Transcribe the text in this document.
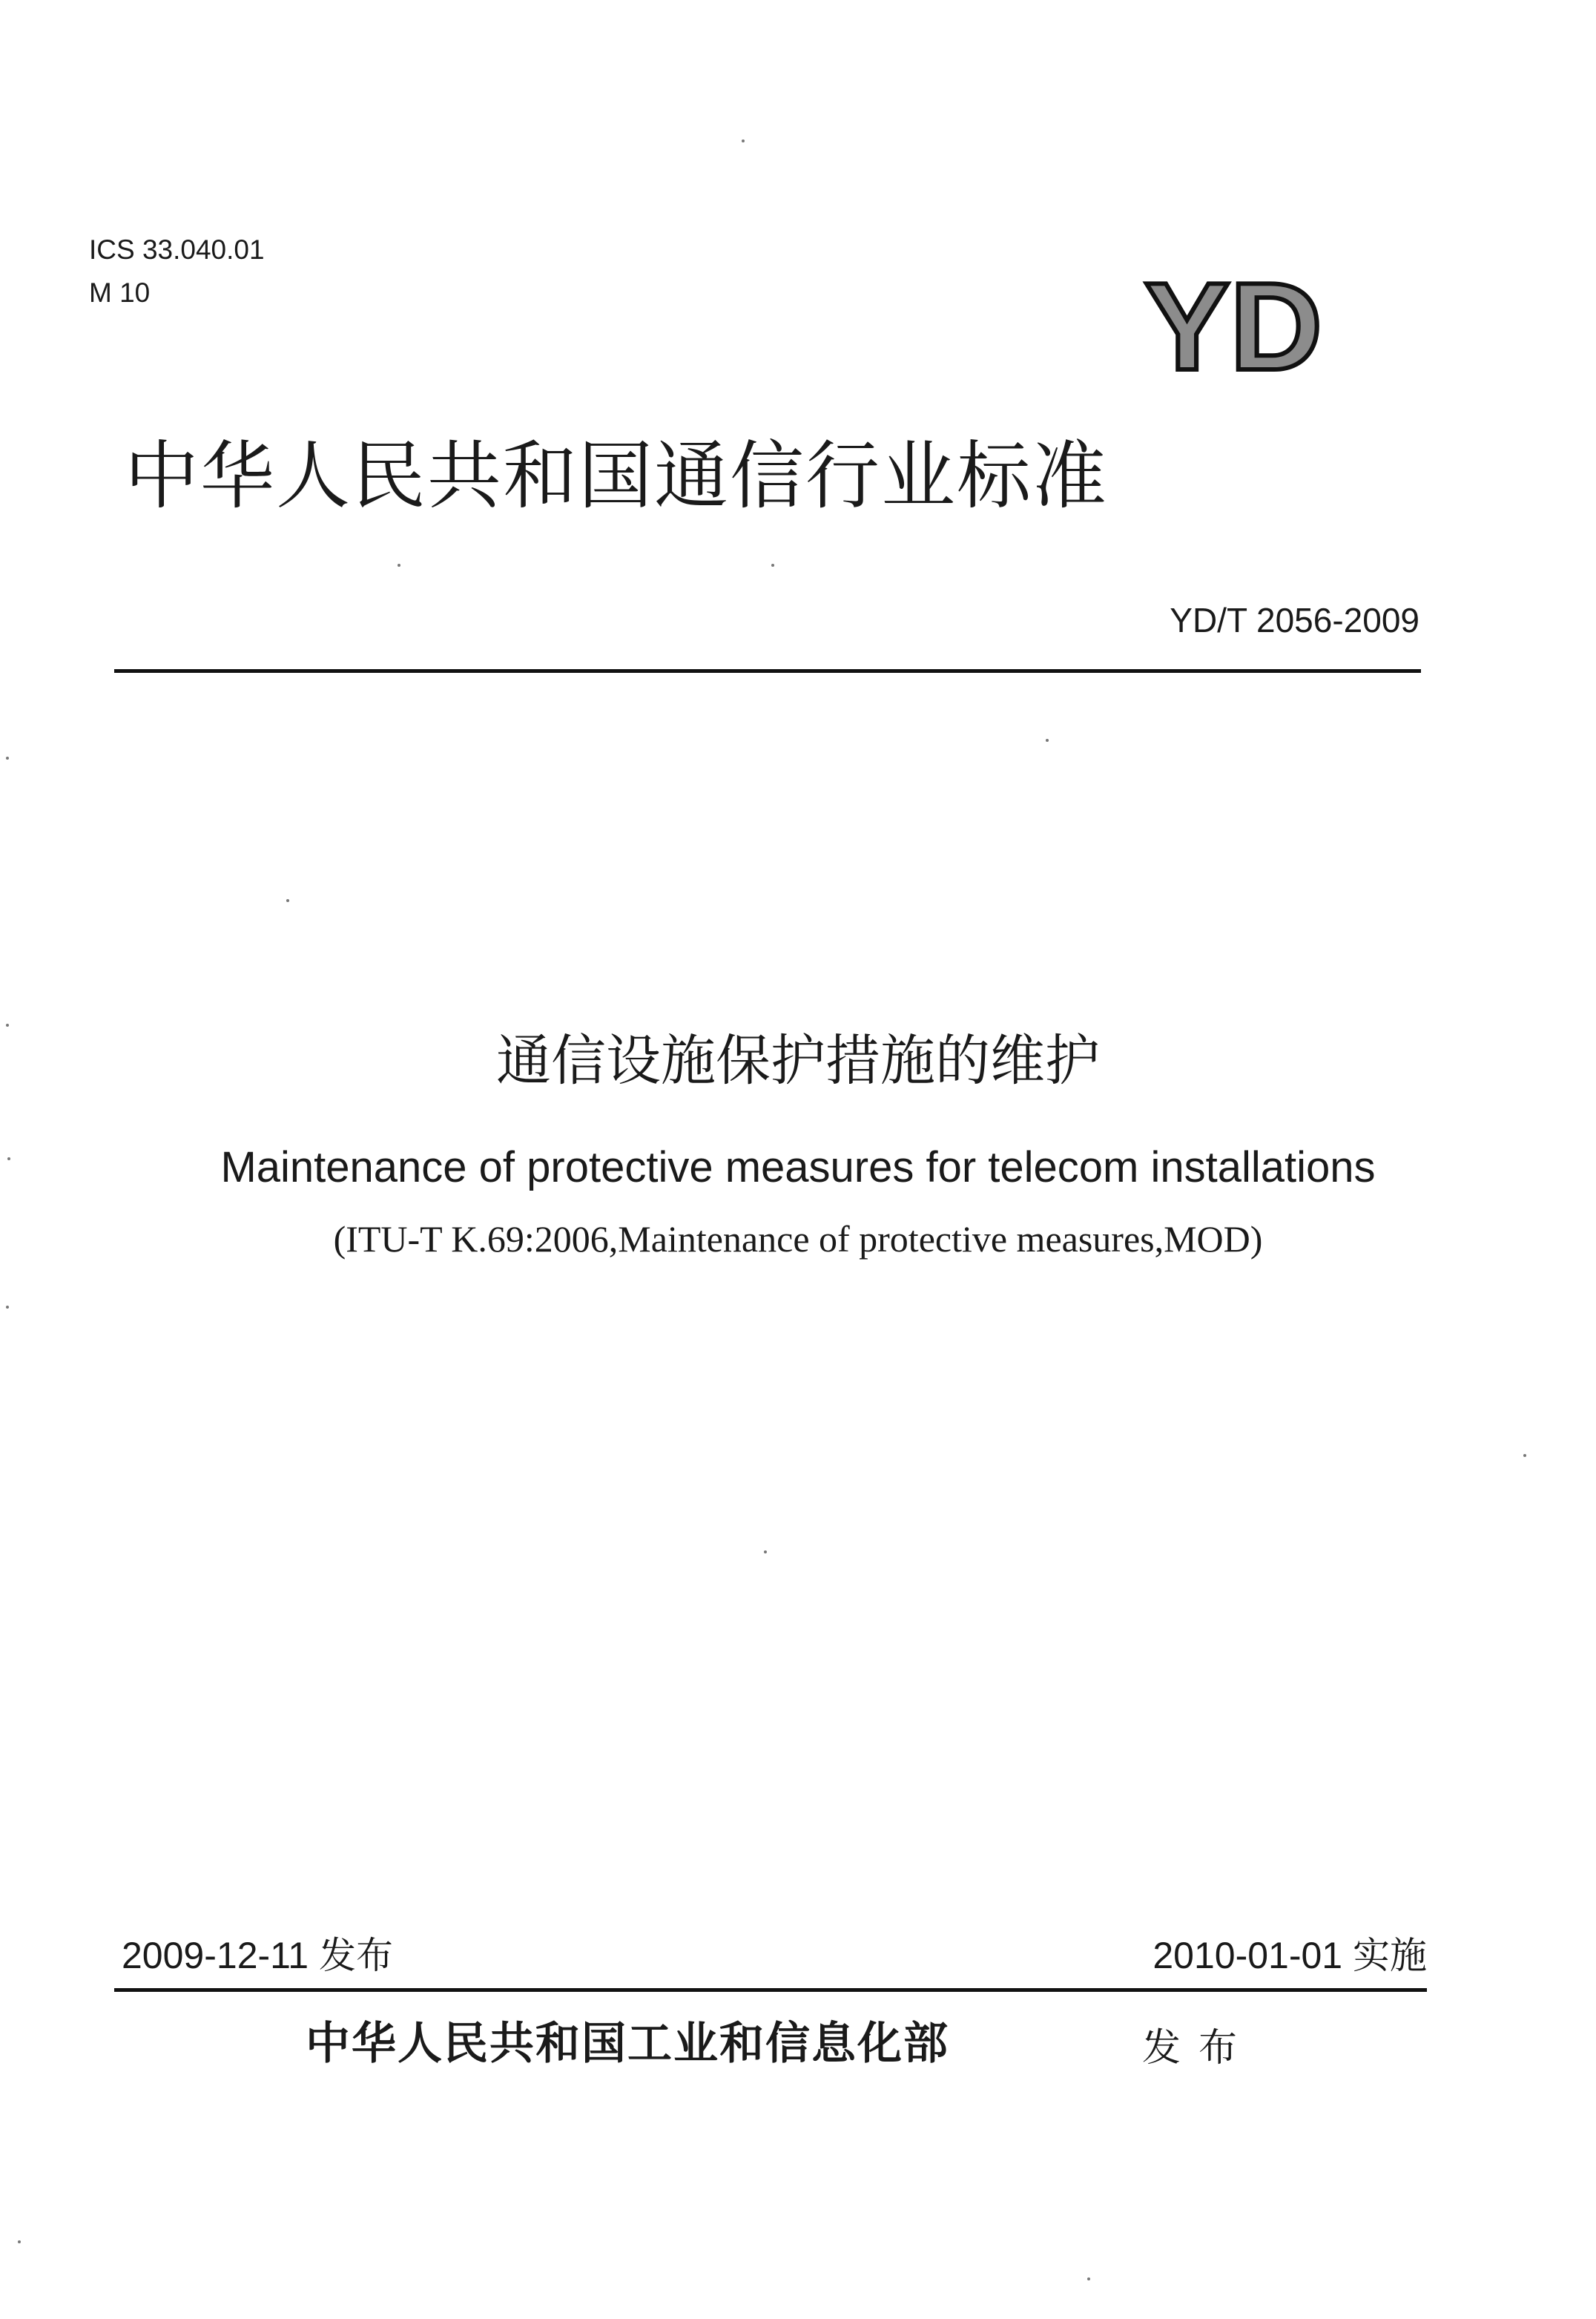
ICS 33.040.01
M 10	YD
中华人民共和国通信行业标准
YD/T 2056-2009
通信设施保护措施的维护
Maintenance of protective measures for telecom installations
(ITU-T K.69:2006,Maintenance of protective measures,MOD)
2009-12-11 发布	2010-01-01 实施
中华人民共和国工业和信息化部	发布
